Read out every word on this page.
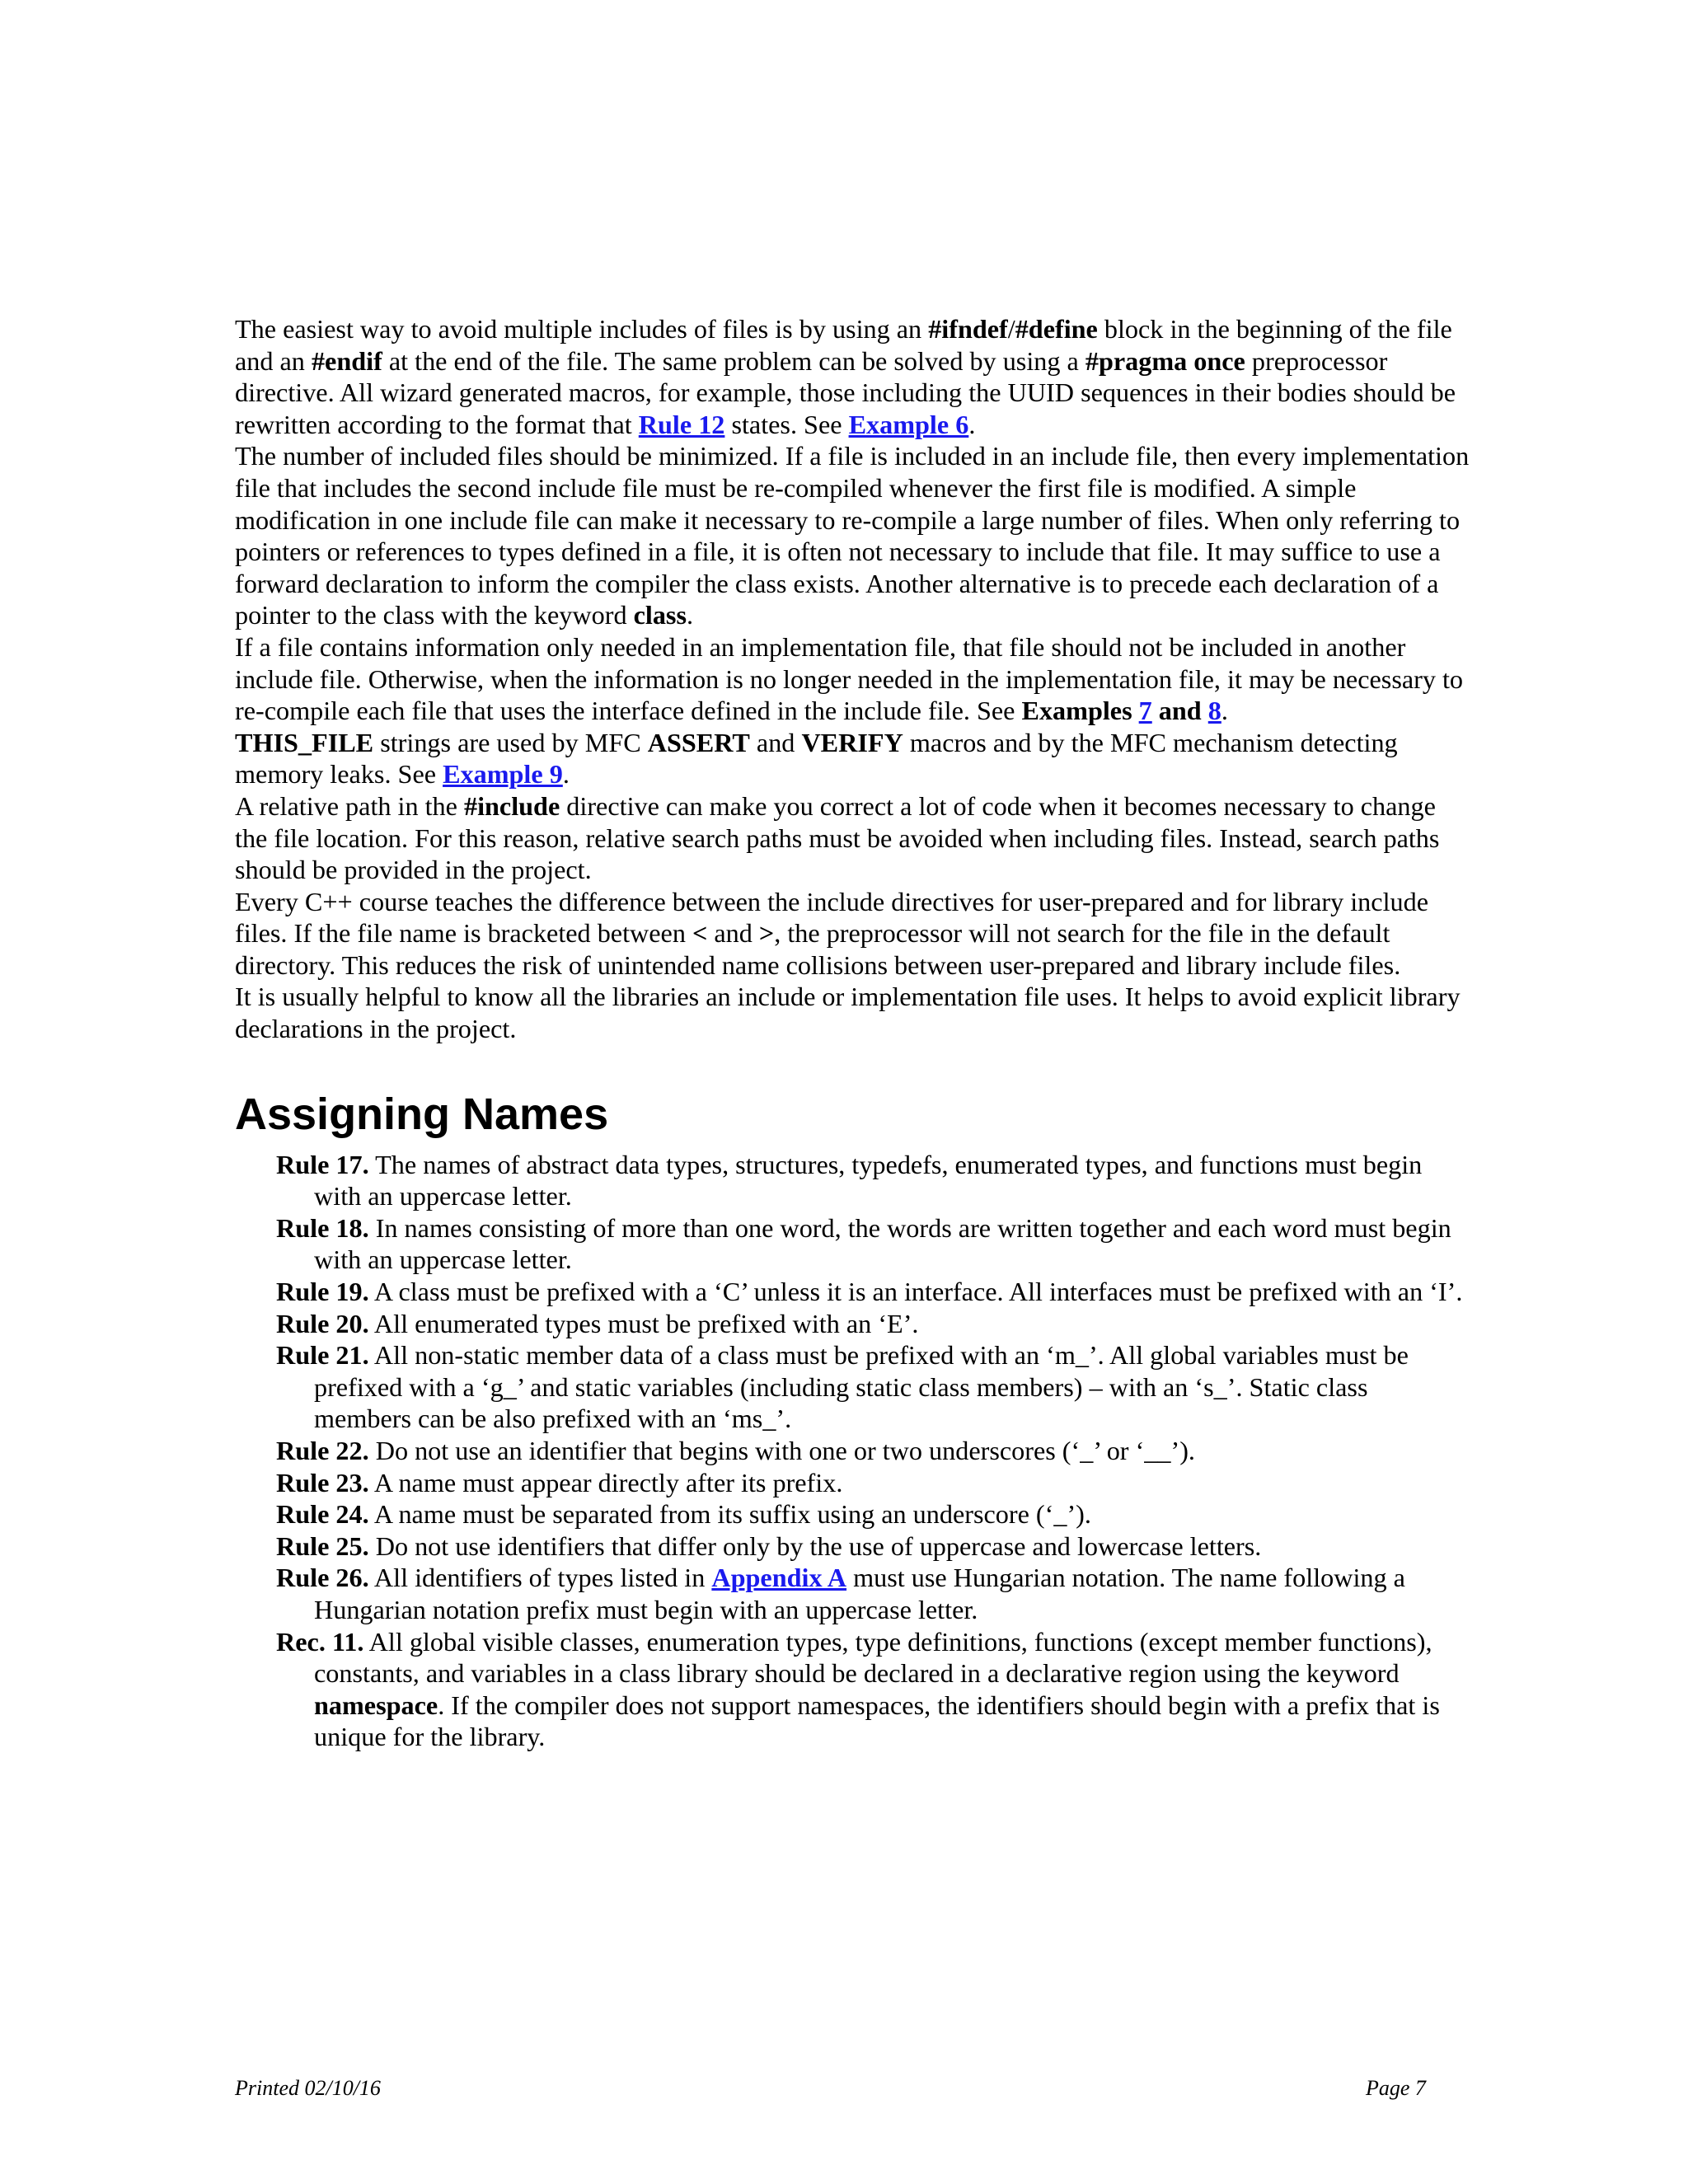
The easiest way to avoid multiple includes of files is by using an #ifndef/#define block in the beginning of the file and an #endif at the end of the file. The same problem can be solved by using a #pragma once preprocessor directive. All wizard generated macros, for example, those including the UUID sequences in their bodies should be rewritten according to the format that Rule 12 states. See Example 6.

The number of included files should be minimized. If a file is included in an include file, then every implementation file that includes the second include file must be re-compiled whenever the first file is modified. A simple modification in one include file can make it necessary to re-compile a large number of files. When only referring to pointers or references to types defined in a file, it is often not necessary to include that file. It may suffice to use a forward declaration to inform the compiler the class exists. Another alternative is to precede each declaration of a pointer to the class with the keyword class.

If a file contains information only needed in an implementation file, that file should not be included in another include file. Otherwise, when the information is no longer needed in the implementation file, it may be necessary to re-compile each file that uses the interface defined in the include file. See Examples 7 and 8.

THIS_FILE strings are used by MFC ASSERT and VERIFY macros and by the MFC mechanism detecting memory leaks. See Example 9.

A relative path in the #include directive can make you correct a lot of code when it becomes necessary to change the file location. For this reason, relative search paths must be avoided when including files. Instead, search paths should be provided in the project.

Every C++ course teaches the difference between the include directives for user-prepared and for library include files. If the file name is bracketed between < and >, the preprocessor will not search for the file in the default directory. This reduces the risk of unintended name collisions between user-prepared and library include files.

It is usually helpful to know all the libraries an include or implementation file uses. It helps to avoid explicit library declarations in the project.

Assigning Names

Rule 17. The names of abstract data types, structures, typedefs, enumerated types, and functions must begin with an uppercase letter.

Rule 18. In names consisting of more than one word, the words are written together and each word must begin with an uppercase letter.

Rule 19. A class must be prefixed with a ‘C’ unless it is an interface. All interfaces must be prefixed with an ‘I’.

Rule 20. All enumerated types must be prefixed with an ‘E’.

Rule 21. All non-static member data of a class must be prefixed with an ‘m_’. All global variables must be prefixed with a ‘g_’ and static variables (including static class members) – with an ‘s_’. Static class members can be also prefixed with an ‘ms_’.

Rule 22. Do not use an identifier that begins with one or two underscores (‘_’ or ‘__’).

Rule 23. A name must appear directly after its prefix.

Rule 24. A name must be separated from its suffix using an underscore (‘_’).

Rule 25. Do not use identifiers that differ only by the use of uppercase and lowercase letters.

Rule 26. All identifiers of types listed in Appendix A must use Hungarian notation. The name following a Hungarian notation prefix must begin with an uppercase letter.

Rec. 11. All global visible classes, enumeration types, type definitions, functions (except member functions), constants, and variables in a class library should be declared in a declarative region using the keyword namespace. If the compiler does not support namespaces, the identifiers should begin with a prefix that is unique for the library.

Printed 02/10/16	Page 7
